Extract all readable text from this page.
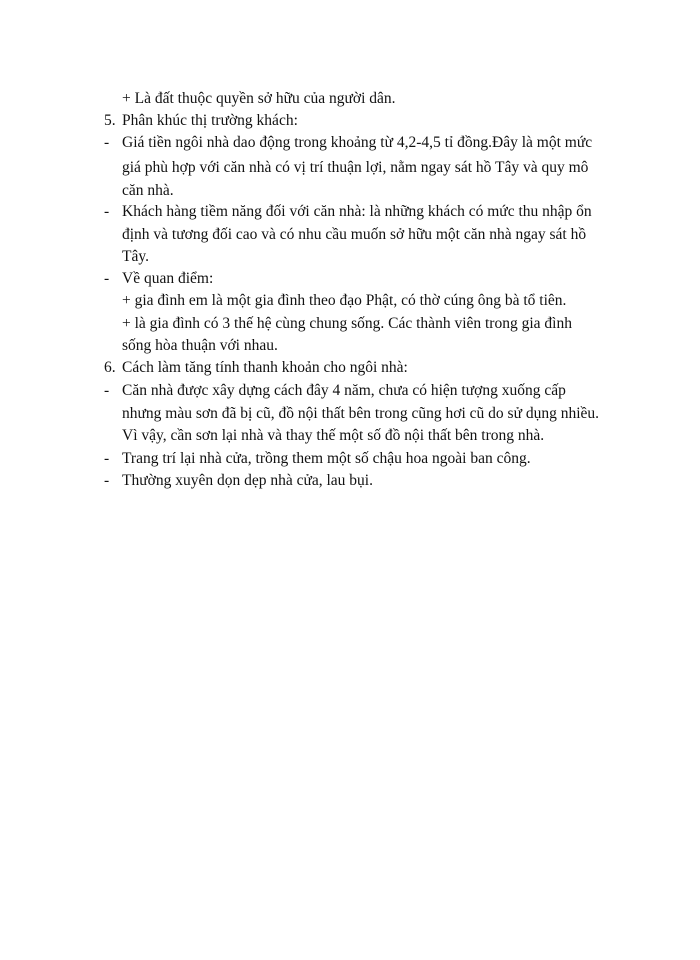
+ Là đất thuộc quyền sở hữu của người dân.
5. Phân khúc thị trường khách:
- Giá tiền ngôi nhà dao động trong khoảng từ 4,2-4,5 tỉ đồng.Đây là một mức
giá phù hợp với căn nhà có vị trí thuận lợi, nằm ngay sát hồ Tây và quy mô
căn nhà.
- Khách hàng tiềm năng đối với căn nhà: là những khách có mức thu nhập ổn
định và tương đối cao và có nhu cầu muốn sở hữu một căn nhà ngay sát hồ
Tây.
- Về quan điểm:
+ gia đình em là một gia đình theo đạo Phật, có thờ cúng ông bà tổ tiên.
+ là gia đình có 3 thế hệ cùng chung sống. Các thành viên trong gia đình
sống hòa thuận với nhau.
6. Cách làm tăng tính thanh khoản cho ngôi nhà:
- Căn nhà được xây dựng cách đây 4 năm, chưa có hiện tượng xuống cấp
nhưng màu sơn đã bị cũ, đồ nội thất bên trong cũng hơi cũ do sử dụng nhiều.
Vì vậy, cần sơn lại nhà và thay thế một số đồ nội thất bên trong nhà.
- Trang trí lại nhà cửa, trồng them một số chậu hoa ngoài ban công.
- Thường xuyên dọn dẹp nhà cửa, lau bụi.
